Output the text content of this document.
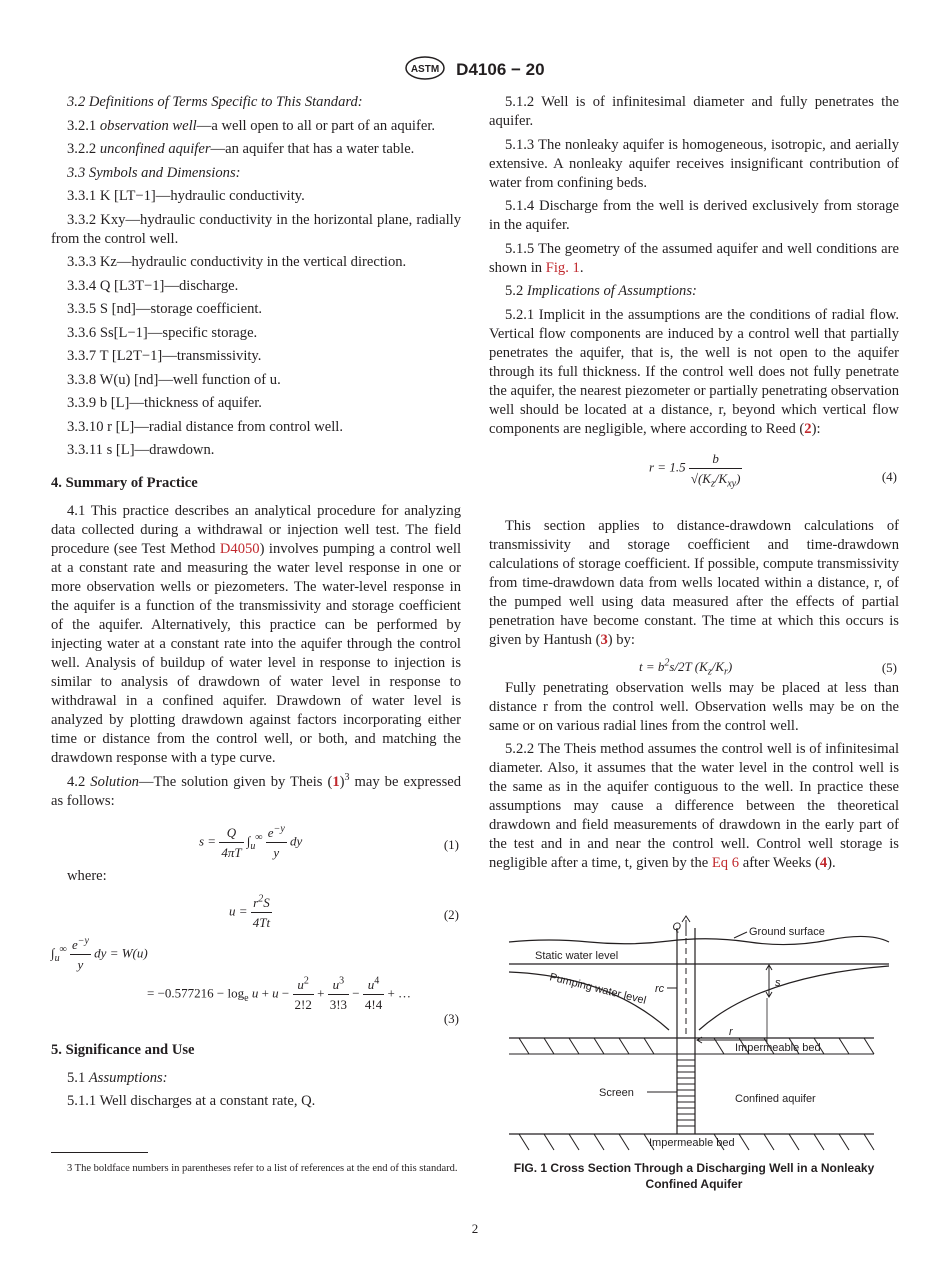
ASTM D4106 − 20

3.2 Definitions of Terms Specific to This Standard:

3.2.1 observation well—a well open to all or part of an aquifer.

3.2.2 unconfined aquifer—an aquifer that has a water table.

3.3 Symbols and Dimensions:

3.3.1 K [LT−1]—hydraulic conductivity.

3.3.2 Kxy—hydraulic conductivity in the horizontal plane, radially from the control well.

3.3.3 Kz—hydraulic conductivity in the vertical direction.

3.3.4 Q [L3T−1]—discharge.

3.3.5 S [nd]—storage coefficient.

3.3.6 Ss[L−1]—specific storage.

3.3.7 T [L2T−1]—transmissivity.

3.3.8 W(u) [nd]—well function of u.

3.3.9 b [L]—thickness of aquifer.

3.3.10 r [L]—radial distance from control well.

3.3.11 s [L]—drawdown.

4. Summary of Practice

4.1 This practice describes an analytical procedure for analyzing data collected during a withdrawal or injection well test. The field procedure (see Test Method D4050) involves pumping a control well at a constant rate and measuring the water level response in one or more observation wells or piezometers. The water-level response in the aquifer is a function of the transmissivity and storage coefficient of the aquifer. Alternatively, this practice can be performed by injecting water at a constant rate into the aquifer through the control well. Analysis of buildup of water level in response to injection is similar to analysis of drawdown of water level in response to withdrawal in a confined aquifer. Drawdown of water level is analyzed by plotting drawdown against factors incorporating either time or distance from the control well, or both, and matching the drawdown response with a type curve.

4.2 Solution—The solution given by Theis $(1)^3$ may be expressed as follows:

$s = \frac{Q}{4\pi T} \int_u^\infty \frac{e^{-y}}{y}$ dy	(1)

where:

$u = \frac{r^2S}{4Tt}$	(2)
$\int_u^\infty \frac{e^{-y}}{y}$ dy = W(u)
= $-0.577216 - \log_e u + u - \frac{u^2}{2!2} + \frac{u^3}{3!3} - \frac{u^4}{4!4}$ + …
(3)

5. Significance and Use

5.1 Assumptions:

5.1.1 Well discharges at a constant rate, Q.

3 The boldface numbers in parentheses refer to a list of references at the end of this standard.

5.1.2 Well is of infinitesimal diameter and fully penetrates the aquifer.

5.1.3 The nonleaky aquifer is homogeneous, isotropic, and aerially extensive. A nonleaky aquifer receives insignificant contribution of water from confining beds.

5.1.4 Discharge from the well is derived exclusively from storage in the aquifer.

5.1.5 The geometry of the assumed aquifer and well conditions are shown in Fig. 1.

5.2 Implications of Assumptions:

5.2.1 Implicit in the assumptions are the conditions of radial flow. Vertical flow components are induced by a control well that partially penetrates the aquifer, that is, the well is not open to the aquifer through its full thickness. If the control well does not fully penetrate the aquifer, the nearest piezometer or partially penetrating observation well should be located at a distance, r, beyond which vertical flow components are negligible, where according to Reed (2):

$r = 1.5 \frac{b}{√(K_z/K_{xy})}$	(4)

This section applies to distance-drawdown calculations of transmissivity and storage coefficient and time-drawdown calculations of storage coefficient. If possible, compute transmissivity from time-drawdown data from wells located within a distance, r, of the pumped well using data measured after the effects of partial penetration have become constant. The time at which this occurs is given by Hantush (3) by:

$t = b^2s/2T$ $(K_z/K_r)$	(5)

Fully penetrating observation wells may be placed at less than distance r from the control well. Observation wells may be on the same or on various radial lines from the control well.

5.2.2 The Theis method assumes the control well is of infinitesimal diameter. Also, it assumes that the water level in the control well is the same as in the aquifer contiguous to the well. In practice these assumptions may cause a difference between the theoretical drawdown and field measurements of drawdown in the early part of the test and in and near the control well. Control well storage is negligible after a time, t, given by the Eq 6 after Weeks (4).

Q	Ground surface
Static water level
Pumping water level rc	s
r
Impermeable bed
Screen	Confined aquifer
Impermeable bed
FIG. 1 Cross Section Through a Discharging Well in a Nonleaky Confined Aquifer
2
